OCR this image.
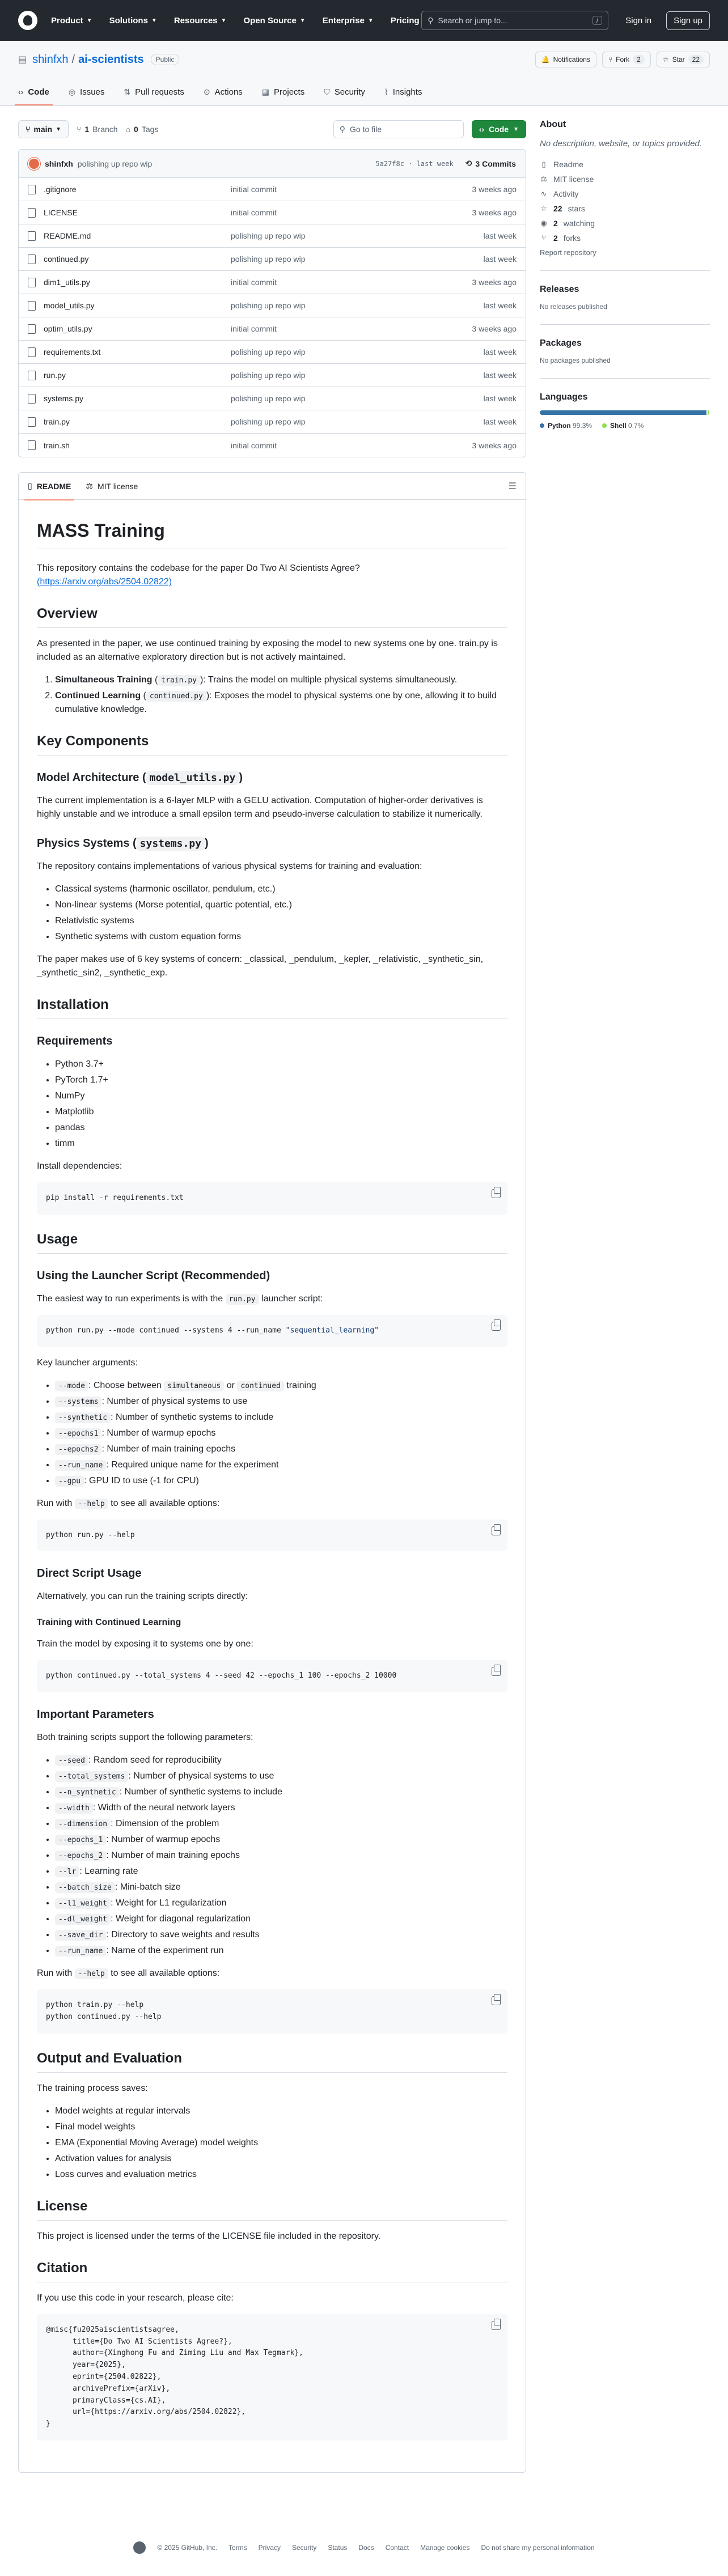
Product ▼ Solutions ▼ Resources ▼ Open Source ▼ Enterprise ▼ Pricing ⚲ Search or jump to...	/	Sign in	Sign up
▤ shinfxh / ai-scientists	Public	🔔 Notifications	⑂ Fork	2	☆ Star	22
‹› Code ◎ Issues ⇅ Pull requests ⊙ Actions ▦ Projects ⛉ Security ⌇ Insights
⑂ main ▼ ⑂ 1 Branch ⌂ 0 Tags	⚲ Go to file	‹› Code ▼
shinfxh polishing up repo wip	5a27f8c · last week ⟲ 3 Commits
.gitignore	initial commit	3 weeks ago
LICENSE	initial commit	3 weeks ago
README.md	polishing up repo wip	last week
continued.py	polishing up repo wip	last week
dim1_utils.py	initial commit	3 weeks ago
model_utils.py	polishing up repo wip	last week
optim_utils.py	initial commit	3 weeks ago
requirements.txt	polishing up repo wip	last week
run.py	polishing up repo wip	last week
systems.py	polishing up repo wip	last week
train.py	polishing up repo wip	last week
train.sh	initial commit	3 weeks ago
▯ README ⚖ MIT license	☰
MASS Training

This repository contains the codebase for the paper Do Two AI Scientists Agree?
(https://arxiv.org/abs/2504.02822)

Overview

As presented in the paper, we use continued training by exposing the model to new systems one by one. train.py is included as an alternative exploratory direction but is not actively maintained.

1. Simultaneous Training ( train.py ): Trains the model on multiple physical systems simultaneously.
2. Continued Learning ( continued.py ): Exposes the model to physical systems one by one, allowing it to build cumulative knowledge.
Key Components
Model Architecture ( model_utils.py )

The current implementation is a 6-layer MLP with a GELU activation. Computation of higher-order derivatives is highly unstable and we introduce a small epsilon term and pseudo-inverse calculation to stabilize it numerically.

Physics Systems ( systems.py )

The repository contains implementations of various physical systems for training and evaluation:

• Classical systems (harmonic oscillator, pendulum, etc.)
• Non-linear systems (Morse potential, quartic potential, etc.)
• Relativistic systems
• Synthetic systems with custom equation forms

The paper makes use of 6 key systems of concern: _classical, _pendulum, _kepler, _relativistic, _synthetic_sin, _synthetic_sin2, _synthetic_exp.

Installation
Requirements
• Python 3.7+
• PyTorch 1.7+
• NumPy
• Matplotlib
• pandas
• timm

Install dependencies:

pip install -r requirements.txt
Usage
Using the Launcher Script (Recommended)

The easiest way to run experiments is with the run.py launcher script:

python run.py --mode continued --systems 4 --run_name "sequential_learning"

Key launcher arguments:

• --mode : Choose between simultaneous or continued training
• --systems : Number of physical systems to use
• --synthetic : Number of synthetic systems to include
• --epochs1 : Number of warmup epochs
• --epochs2 : Number of main training epochs
• --run_name : Required unique name for the experiment
• --gpu : GPU ID to use (-1 for CPU)

Run with --help to see all available options:

python run.py --help
Direct Script Usage

Alternatively, you can run the training scripts directly:

Training with Continued Learning

Train the model by exposing it to systems one by one:

python continued.py --total_systems 4 --seed 42 --epochs_1 100 --epochs_2 10000
Important Parameters

Both training scripts support the following parameters:

• --seed : Random seed for reproducibility
• --total_systems : Number of physical systems to use
• --n_synthetic : Number of synthetic systems to include
• --width : Width of the neural network layers
• --dimension : Dimension of the problem
• --epochs_1 : Number of warmup epochs
• --epochs_2 : Number of main training epochs
• --lr : Learning rate
• --batch_size : Mini-batch size
• --l1_weight : Weight for L1 regularization
• --dl_weight : Weight for diagonal regularization
• --save_dir : Directory to save weights and results
• --run_name : Name of the experiment run

Run with --help to see all available options:

python train.py --help
python continued.py --help
Output and Evaluation

The training process saves:

• Model weights at regular intervals
• Final model weights
• EMA (Exponential Moving Average) model weights
• Activation values for analysis
• Loss curves and evaluation metrics
License

This project is licensed under the terms of the LICENSE file included in the repository.

Citation

If you use this code in your research, please cite:

@misc{fu2025aiscientistsagree,
title={Do Two AI Scientists Agree?},
author={Xinghong Fu and Ziming Liu and Max Tegmark},
year={2025},
eprint={2504.02822},
archivePrefix={arXiv},
primaryClass={cs.AI},
url={https://arxiv.org/abs/2504.02822},
}
About

No description, website, or topics provided.

▯ Readme
⚖ MIT license
∿ Activity
☆ 22 stars
◉ 2 watching
⑂ 2 forks
Report repository
Releases

No releases published

Packages

No packages published

Languages
Python 99.3%	Shell 0.7%
© 2025 GitHub, Inc. Terms Privacy Security Status Docs Contact Manage cookies Do not share my personal information
